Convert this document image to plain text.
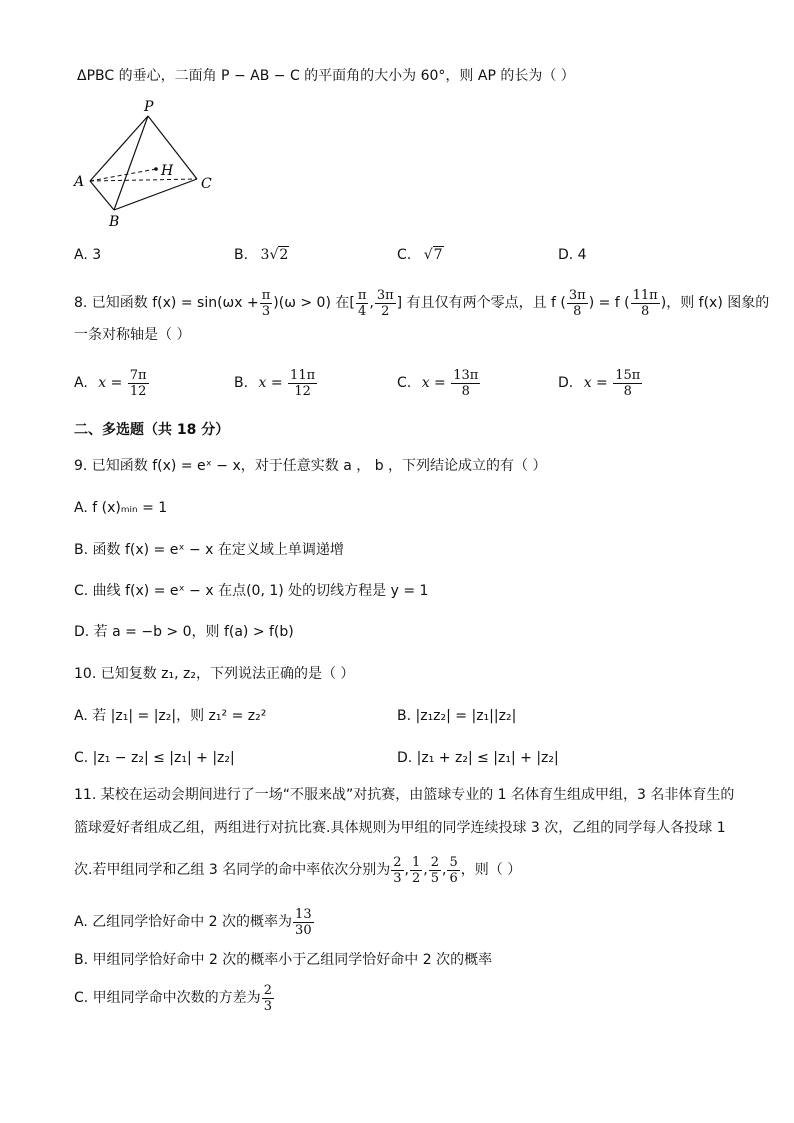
ΔPBC 的垂心，二面角 P − AB − C 的平面角的大小为 60°，则 AP 的长为（ ）
P
A
B
C
H
A. 3	B. 3√2	C. √7	D. 4
8. 已知函数 $f(x) = \sin(\omega x + \frac{\pi}{3} )(\omega > 0)$ 在[ $\frac{\pi}{4}$ , $\frac{3\pi}{2}$ ] 有且仅有两个零点，且 f ( $\frac{3\pi}{8}$ ) = f ( $\frac{11\pi}{8}$ )，则 f(x) 图象的
一条对称轴是（ ）
A. $x = \frac{7\pi}{12}$	B. $x = \frac{11\pi}{12}$	C. $x = \frac{13\pi}{8}$	D. $x = \frac{15\pi}{8}$
二、多选题（共 18 分）
9. 已知函数 f(x) = eˣ − x，对于任意实数 a ， b ，下列结论成立的有（ ）
A. f (x)ₘᵢₙ = 1
B. 函数 f(x) = eˣ − x 在定义域上单调递增
C. 曲线 f(x) = eˣ − x 在点(0, 1) 处的切线方程是 y = 1
D. 若 a = −b > 0，则 f(a) > f(b)
10. 已知复数 z₁, z₂，下列说法正确的是（ ）
A. 若 |z₁| = |z₂|，则 z₁² = z₂²	B. |z₁z₂| = |z₁||z₂|
C. |z₁ − z₂| ≤ |z₁| + |z₂|	D. |z₁ + z₂| ≤ |z₁| + |z₂|
11. 某校在运动会期间进行了一场“不服来战”对抗赛，由篮球专业的 1 名体育生组成甲组，3 名非体育生的
篮球爱好者组成乙组，两组进行对抗比赛.具体规则为甲组的同学连续投球 3 次，乙组的同学每人各投球 1
次.若甲组同学和乙组 3 名同学的命中率依次分别为 $\frac{2}{3}$ , $\frac{1}{2}$ , $\frac{2}{5}$ , $\frac{5}{6}$ ，则（ ）
A. 乙组同学恰好命中 2 次的概率为 $\frac{13}{30}$
B. 甲组同学恰好命中 2 次的概率小于乙组同学恰好命中 2 次的概率
C. 甲组同学命中次数的方差为 $\frac{2}{3}$
